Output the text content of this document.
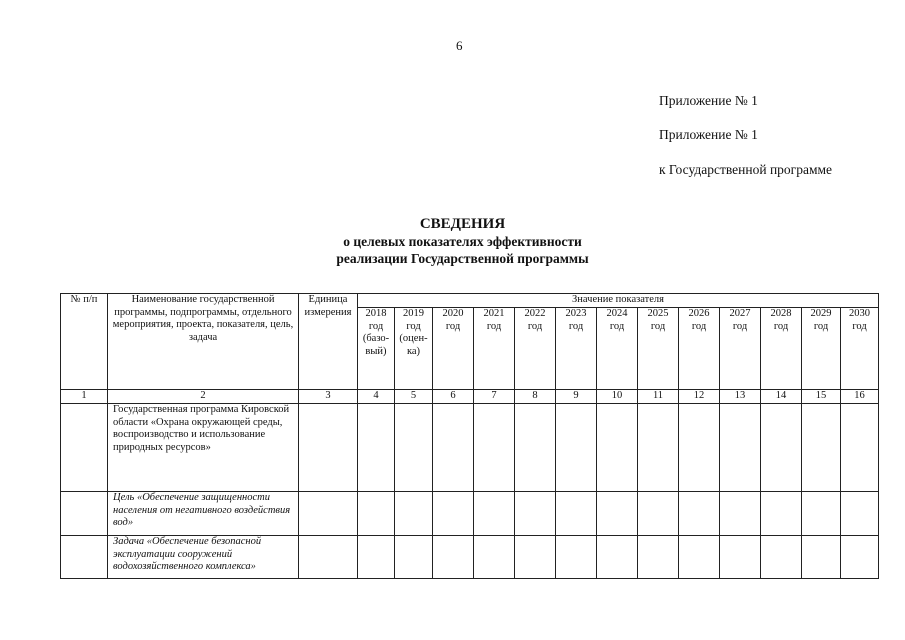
6
Приложение № 1
Приложение № 1
к Государственной программе
СВЕДЕНИЯ
о целевых показателях эффективности
реализации Государственной программы
№ п/п	Наименование государственной программы, подпрограммы, отдельного мероприятия, проекта, показателя, цель, задача	Единица измерения	Значение показателя												
			2018 год (базо-вый)	2019 год (оцен-ка)	2020 год	2021 год	2022 год	2023 год	2024 год	2025 год	2026 год	2027 год	2028 год	2029 год	2030 год
1	2	3	4	5	6	7	8	9	10	11	12	13	14	15	16
	Государственная программа Кировской области «Охрана окружающей среды, воспроизводство и использование природных ресурсов»														
	Цель «Обеспечение защищенности населения от негативного воздействия вод»														
	Задача «Обеспечение безопасной эксплуатации сооружений водохозяйственного комплекса»														
